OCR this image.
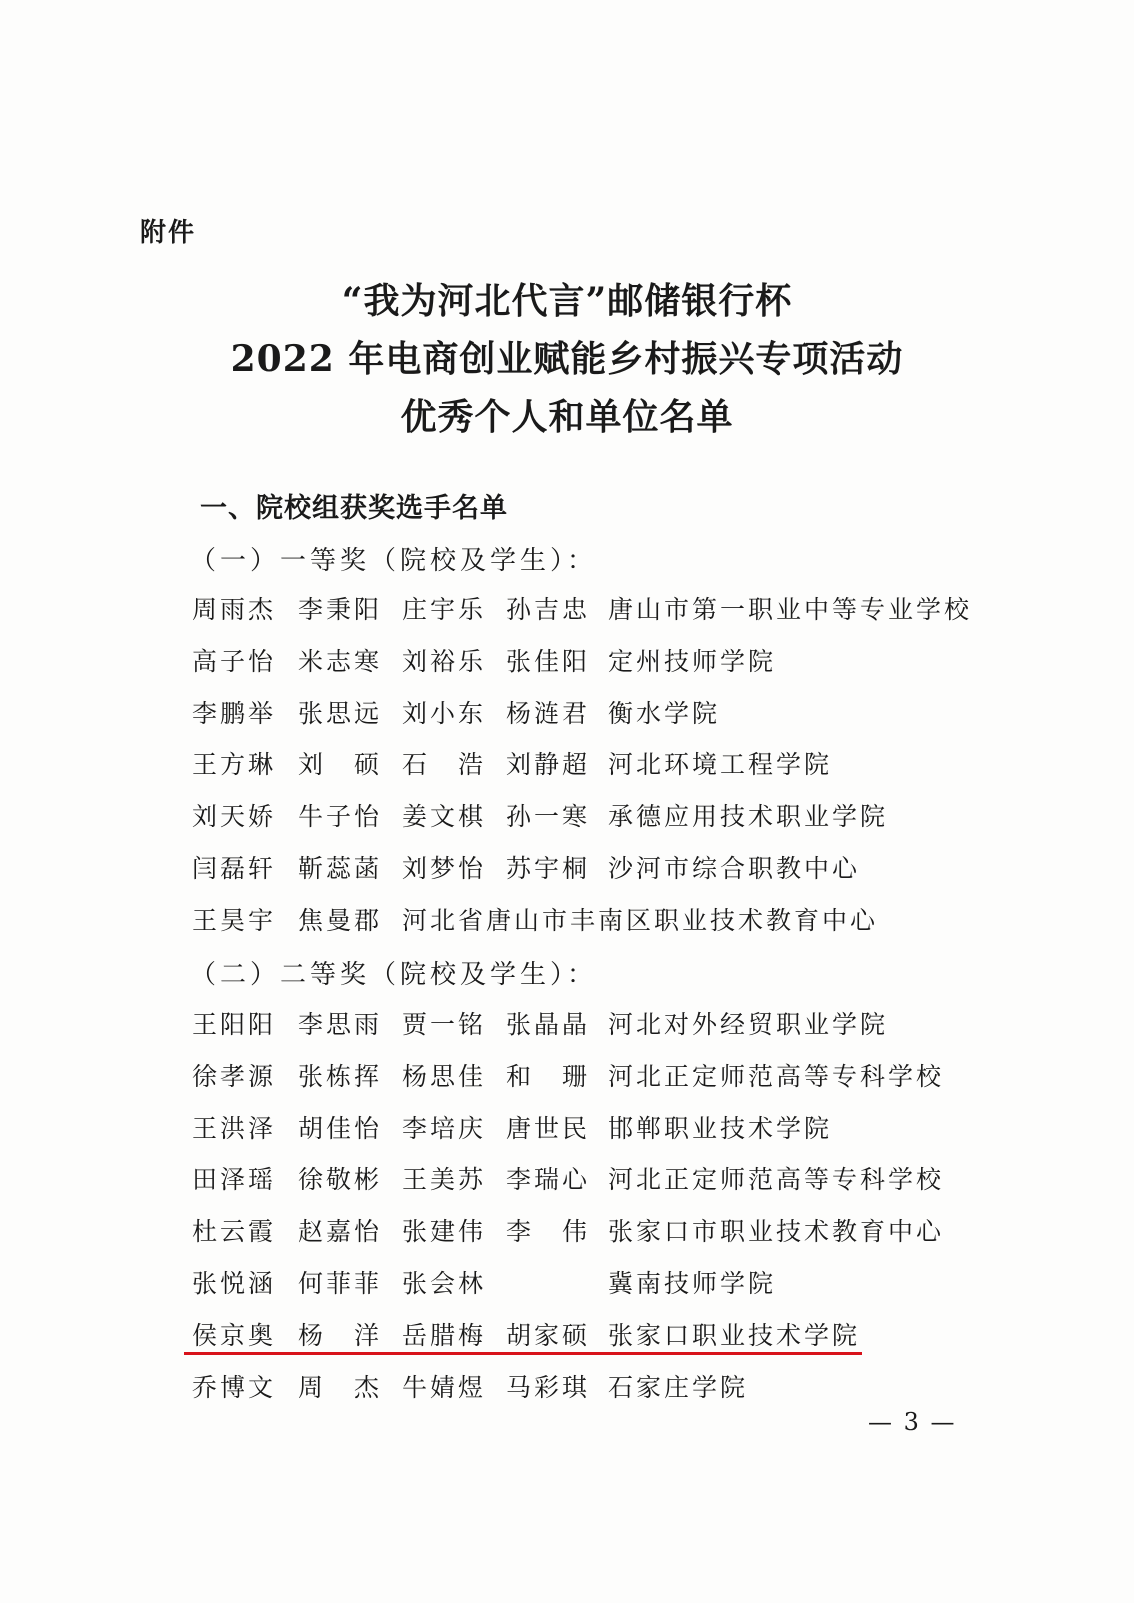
附件
“我为河北代言”邮储银行杯
2022 年电商创业赋能乡村振兴专项活动
优秀个人和单位名单
一、院校组获奖选手名单
（一）一等奖（院校及学生）：
周雨杰 李秉阳 庄宇乐 孙吉忠 唐山市第一职业中等专业学校
高子怡 米志寒 刘裕乐 张佳阳 定州技师学院
李鹏举 张思远 刘小东 杨涟君 衡水学院
王方琳 刘　硕 石　浩 刘静超 河北环境工程学院
刘天娇 牛子怡 姜文棋 孙一寒 承德应用技术职业学院
闫磊轩 靳蕊菡 刘梦怡 苏宇桐 沙河市综合职教中心
王昊宇 焦曼郡 河北省唐山市丰南区职业技术教育中心
（二）二等奖（院校及学生）：
王阳阳 李思雨 贾一铭 张晶晶 河北对外经贸职业学院
徐孝源 张栋挥 杨思佳 和　珊 河北正定师范高等专科学校
王洪泽 胡佳怡 李培庆 唐世民 邯郸职业技术学院
田泽瑶 徐敬彬 王美苏 李瑞心 河北正定师范高等专科学校
杜云霞 赵嘉怡 张建伟 李　伟 张家口市职业技术教育中心
张悦涵 何菲菲 张会林	冀南技师学院
侯京奥 杨　洋 岳腊梅 胡家硕 张家口职业技术学院
乔博文 周　杰 牛婧煜 马彩琪 石家庄学院
— 3 —
